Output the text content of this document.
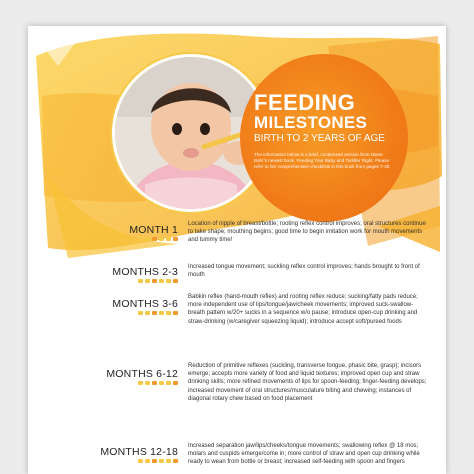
FEEDING
MILESTONES
BIRTH TO 2 YEARS OF AGE
The information below is a brief, condensed version from Diane Bahr's newest book, Feeding Your Baby and Toddler Right. Please refer to her comprehensive checklists in this book from pages 7-30.
MONTH 1 Location of nipple of breast/bottle; rooting reflex control improves; oral structures continue to take shape; mouthing begins; good time to begin imitation work for mouth movements and tummy time!
MONTHS 2-3 Increased tongue movement; suckling reflex control improves; hands brought to front of mouth
MONTHS 3-6
Babkin reflex (hand-mouth reflex) and rooting reflex reduce; sucking/fatty pads reduce; more independent use of lips/tongue/jaw/cheek movements; improved suck-swallow-breath pattern w/20+ sucks in a sequence w/o pause; introduce open-cup drinking and straw-drinking (w/caregiver squeezing liquid); introduce accept soft/pureed foods
MONTHS 6-12
Reduction of primitive reflexes (suckling, transverse tongue, phasic bite, grasp); incisors emerge; accepts more variety of food and liquid textures; improved open cup and straw drinking skills; more refined movements of lips for spoon-feeding; finger-feeding develops; increased movement of oral structures/musculature biting and chewing; instances of diagonal rotary chew based on food placement
MONTHS 12-18 Increased separation jaw/lips/cheeks/tongue movements; swallowing reflex @ 18 mos; molars and cuspids emerge/come in; more control of straw and open cup drinking while ready to wean from bottle or breast; increased self-feeding with spoon and fingers
